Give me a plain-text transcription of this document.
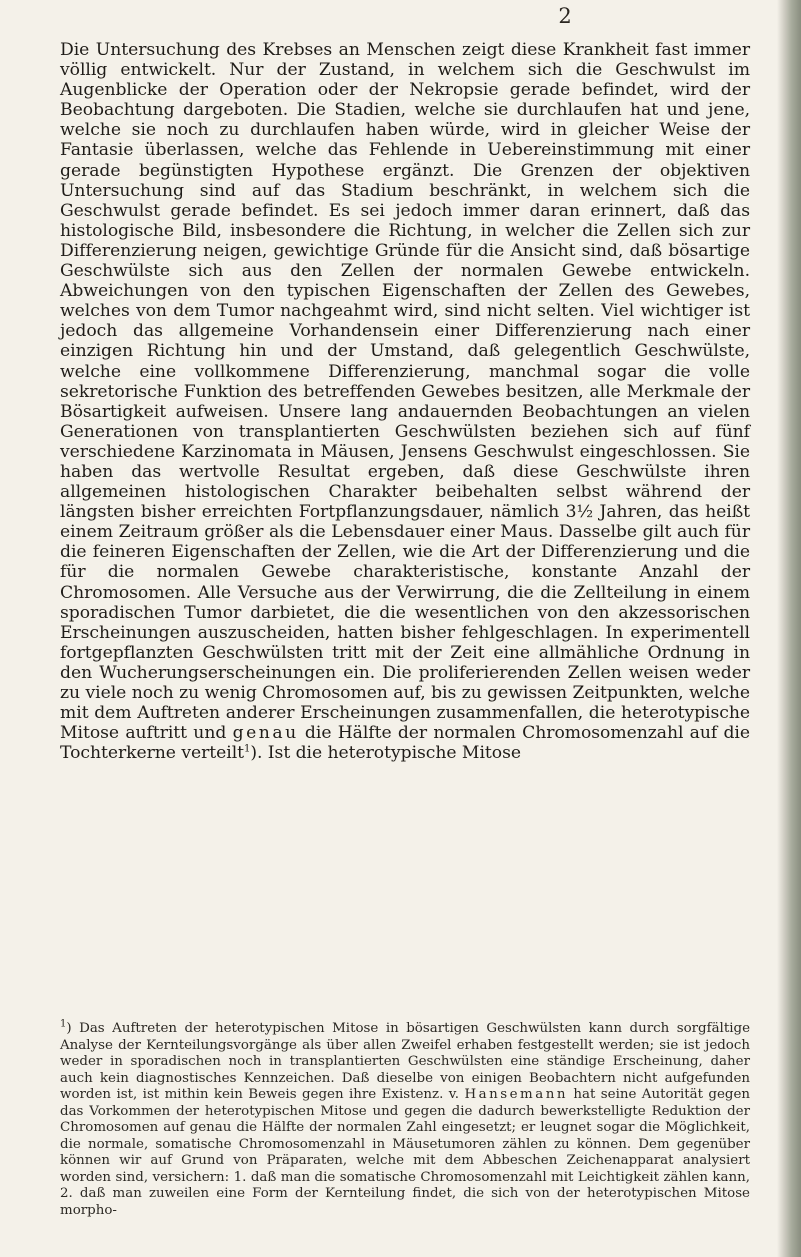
2

Die Untersuchung des Krebses an Menschen zeigt diese Krankheit fast immer völlig entwickelt. Nur der Zustand, in welchem sich die Geschwulst im Augenblicke der Operation oder der Nekropsie gerade befindet, wird der Beobachtung dargeboten. Die Stadien, welche sie durchlaufen hat und jene, welche sie noch zu durchlaufen haben würde, wird in gleicher Weise der Fantasie überlassen, welche das Fehlende in Uebereinstimmung mit einer gerade begünstigten Hypothese ergänzt. Die Grenzen der objektiven Untersuchung sind auf das Stadium beschränkt, in welchem sich die Geschwulst gerade befindet. Es sei jedoch immer daran erinnert, daß das histologische Bild, insbesondere die Richtung, in welcher die Zellen sich zur Differenzierung neigen, gewichtige Gründe für die Ansicht sind, daß bösartige Geschwülste sich aus den Zellen der normalen Gewebe entwickeln. Abweichungen von den typischen Eigenschaften der Zellen des Gewebes, welches von dem Tumor nachgeahmt wird, sind nicht selten. Viel wichtiger ist jedoch das allgemeine Vorhandensein einer Differenzierung nach einer einzigen Richtung hin und der Umstand, daß gelegentlich Geschwülste, welche eine vollkommene Differenzierung, manchmal sogar die volle sekretorische Funktion des betreffenden Gewebes besitzen, alle Merkmale der Bösartigkeit aufweisen. Unsere lang andauernden Beobachtungen an vielen Generationen von transplantierten Geschwülsten beziehen sich auf fünf verschiedene Karzinomata in Mäusen, Jensens Geschwulst eingeschlossen. Sie haben das wertvolle Resultat ergeben, daß diese Geschwülste ihren allgemeinen histologischen Charakter beibehalten selbst während der längsten bisher erreichten Fortpflanzungsdauer, nämlich 3½ Jahren, das heißt einem Zeitraum größer als die Lebensdauer einer Maus. Dasselbe gilt auch für die feineren Eigenschaften der Zellen, wie die Art der Differenzierung und die für die normalen Gewebe charakteristische, konstante Anzahl der Chromosomen. Alle Versuche aus der Verwirrung, die die Zellteilung in einem sporadischen Tumor darbietet, die die wesentlichen von den akzessorischen Erscheinungen auszuscheiden, hatten bisher fehlgeschlagen. In experimentell fortgepflanzten Geschwülsten tritt mit der Zeit eine allmähliche Ordnung in den Wucherungserscheinungen ein. Die proliferierenden Zellen weisen weder zu viele noch zu wenig Chromosomen auf, bis zu gewissen Zeitpunkten, welche mit dem Auftreten anderer Erscheinungen zusammenfallen, die heterotypische Mitose auftritt und genau die Hälfte der normalen Chromosomenzahl auf die Tochterkerne verteilt$^1$). Ist die heterotypische Mitose

$^1$) Das Auftreten der heterotypischen Mitose in bösartigen Geschwülsten kann durch sorgfältige Analyse der Kernteilungsvorgänge als über allen Zweifel erhaben festgestellt werden; sie ist jedoch weder in sporadischen noch in transplantierten Geschwülsten eine ständige Erscheinung, daher auch kein diagnostisches Kennzeichen. Daß dieselbe von einigen Beobachtern nicht aufgefunden worden ist, ist mithin kein Beweis gegen ihre Existenz. v. Hansemann hat seine Autorität gegen das Vorkommen der heterotypischen Mitose und gegen die dadurch bewerkstelligte Reduktion der Chromosomen auf genau die Hälfte der normalen Zahl eingesetzt; er leugnet sogar die Möglichkeit, die normale, somatische Chromosomenzahl in Mäusetumoren zählen zu können. Dem gegenüber können wir auf Grund von Präparaten, welche mit dem Abbeschen Zeichenapparat analysiert worden sind, versichern: 1. daß man die somatische Chromosomenzahl mit Leichtigkeit zählen kann, 2. daß man zuweilen eine Form der Kernteilung findet, die sich von der heterotypischen Mitose morpho-
